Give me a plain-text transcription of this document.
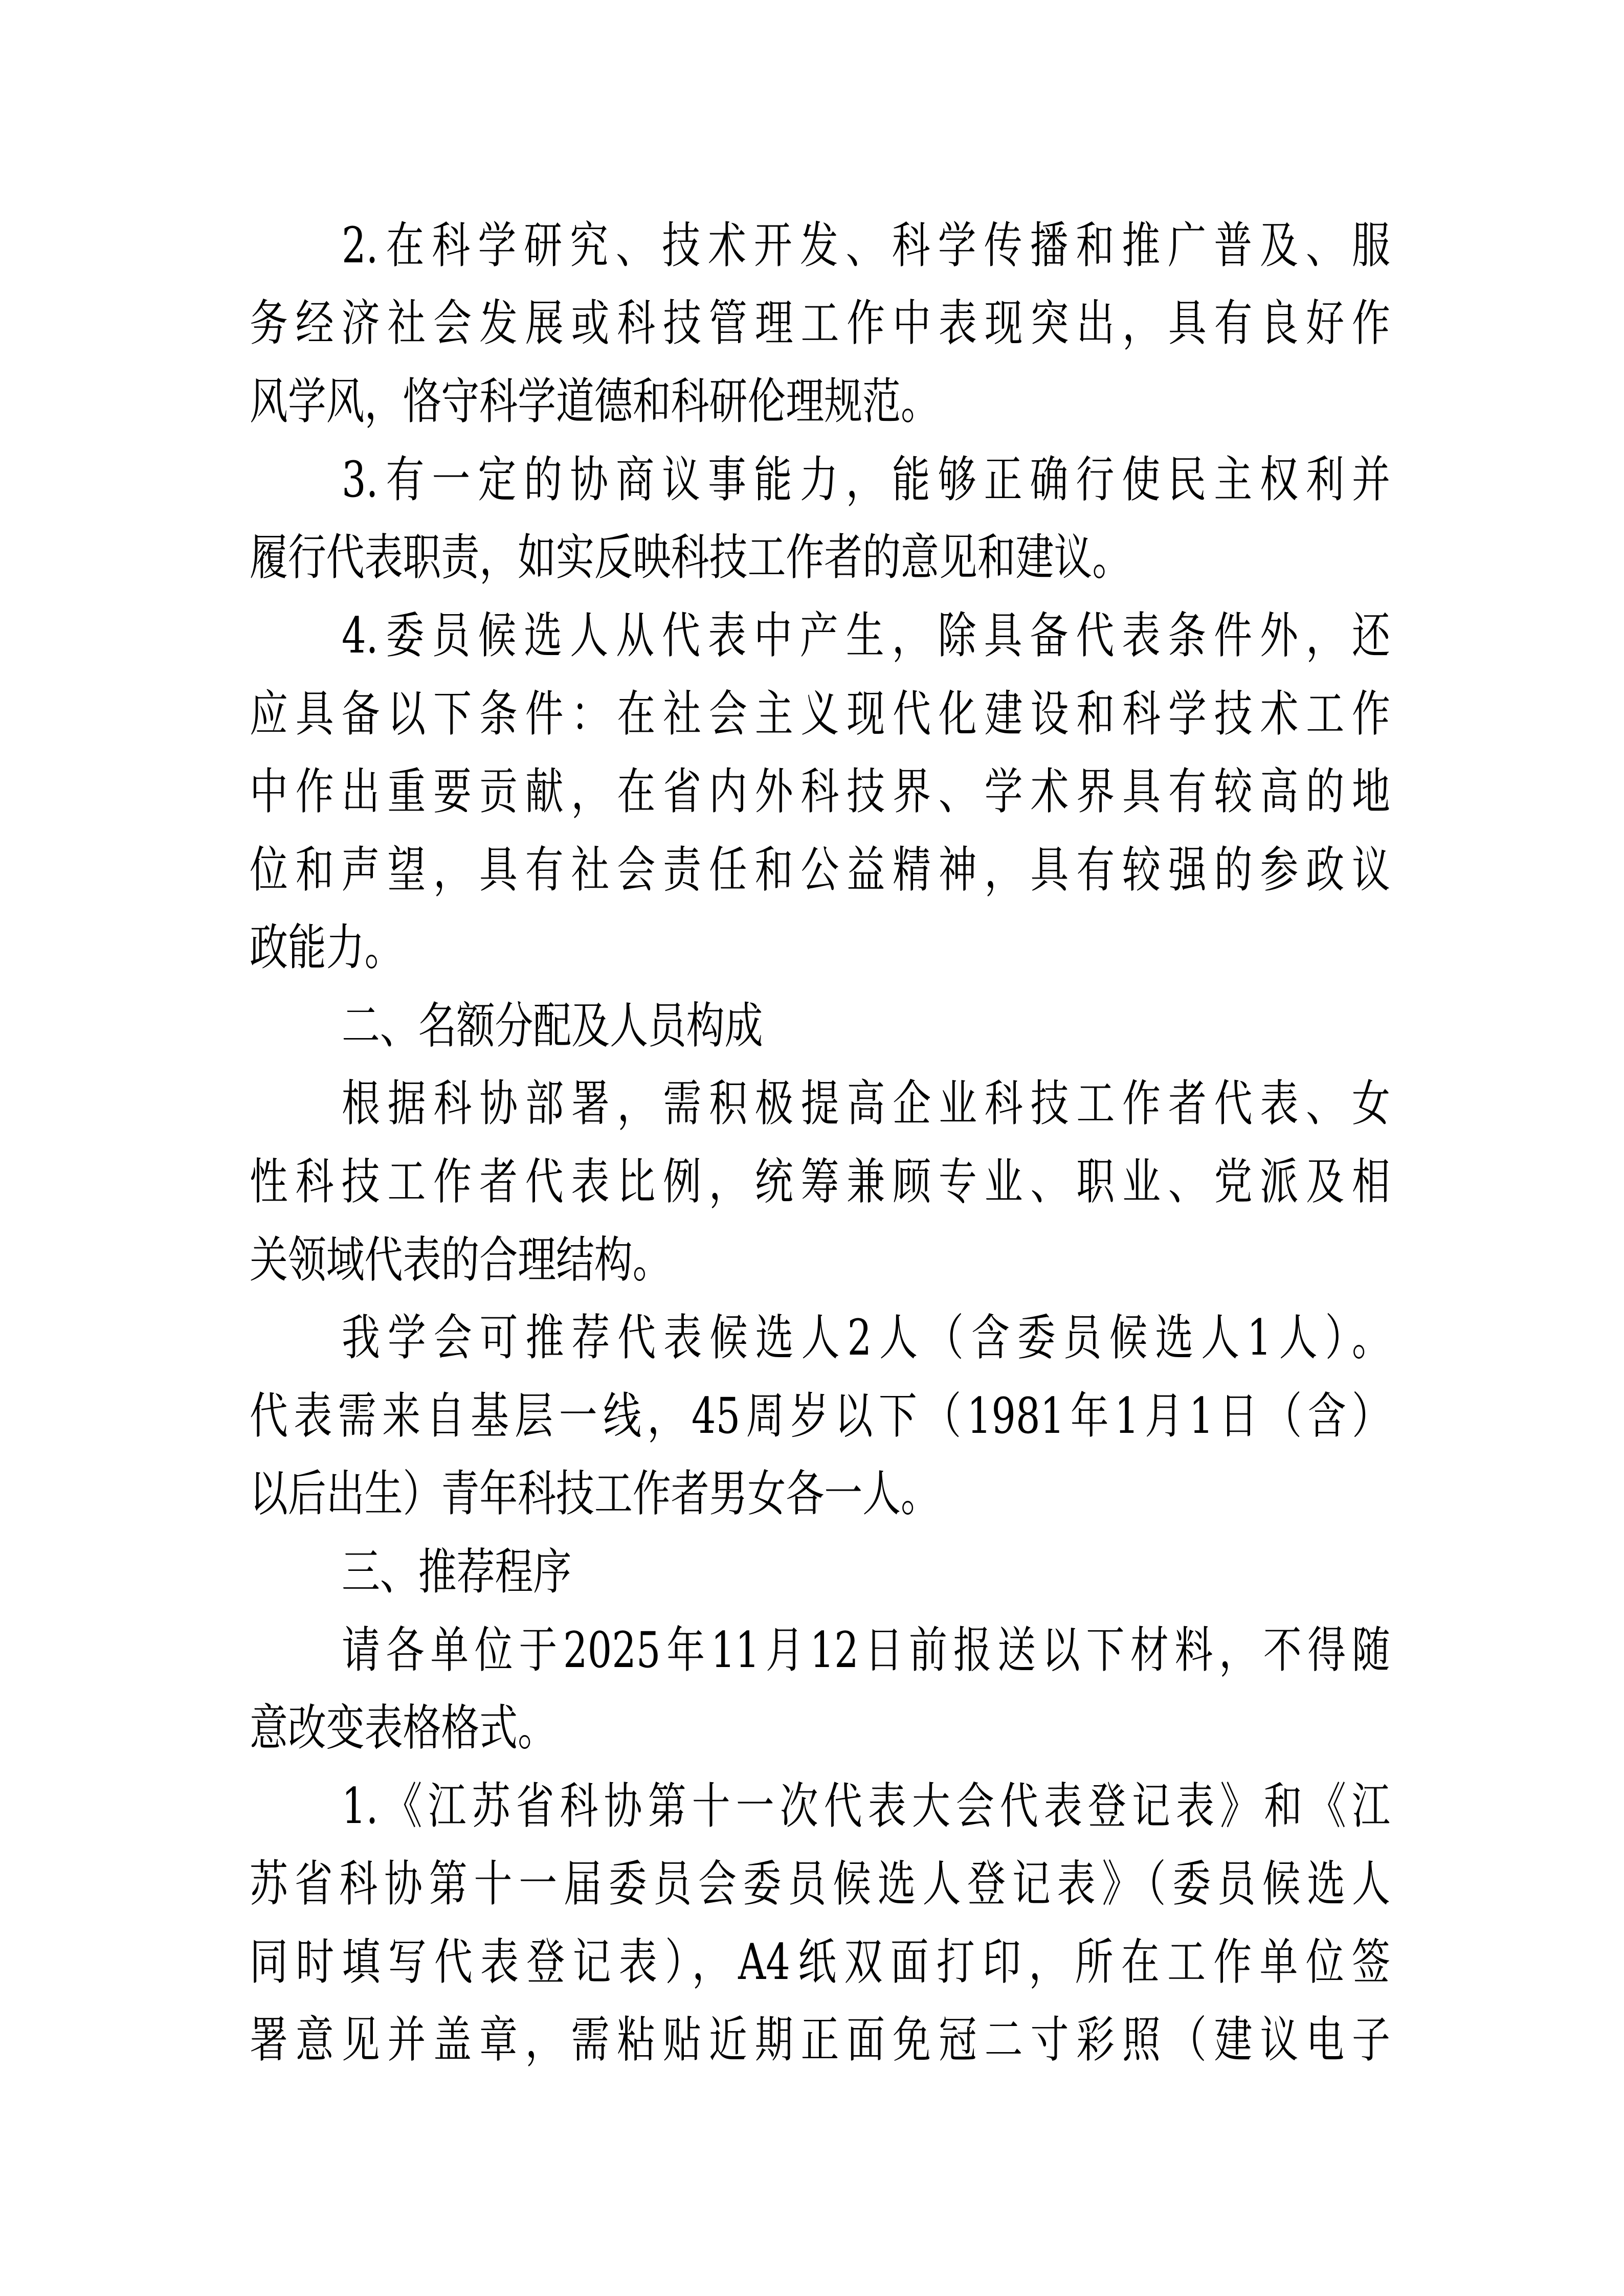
2.在科学研究、技术开发、科学传播和推广普及、服
务经济社会发展或科技管理工作中表现突出，具有良好作
风学风，恪守科学道德和科研伦理规范。
3.有一定的协商议事能力，能够正确行使民主权利并
履行代表职责，如实反映科技工作者的意见和建议。
4.委员候选人从代表中产生，除具备代表条件外，还
应具备以下条件：在社会主义现代化建设和科学技术工作
中作出重要贡献，在省内外科技界、学术界具有较高的地
位和声望，具有社会责任和公益精神，具有较强的参政议
政能力。
二、名额分配及人员构成
根据科协部署，需积极提高企业科技工作者代表、女
性科技工作者代表比例，统筹兼顾专业、职业、党派及相
关领域代表的合理结构。
我学会可推荐代表候选人2人（含委员候选人1人）。
代表需来自基层一线，45周岁以下（1981年1月1日（含）
以后出生）青年科技工作者男女各一人。
三、推荐程序
请各单位于2025年11月12日前报送以下材料，不得随
意改变表格格式。
1.《江苏省科协第十一次代表大会代表登记表》和《江
苏省科协第十一届委员会委员候选人登记表》（委员候选人
同时填写代表登记表），A4纸双面打印，所在工作单位签
署意见并盖章，需粘贴近期正面免冠二寸彩照（建议电子
